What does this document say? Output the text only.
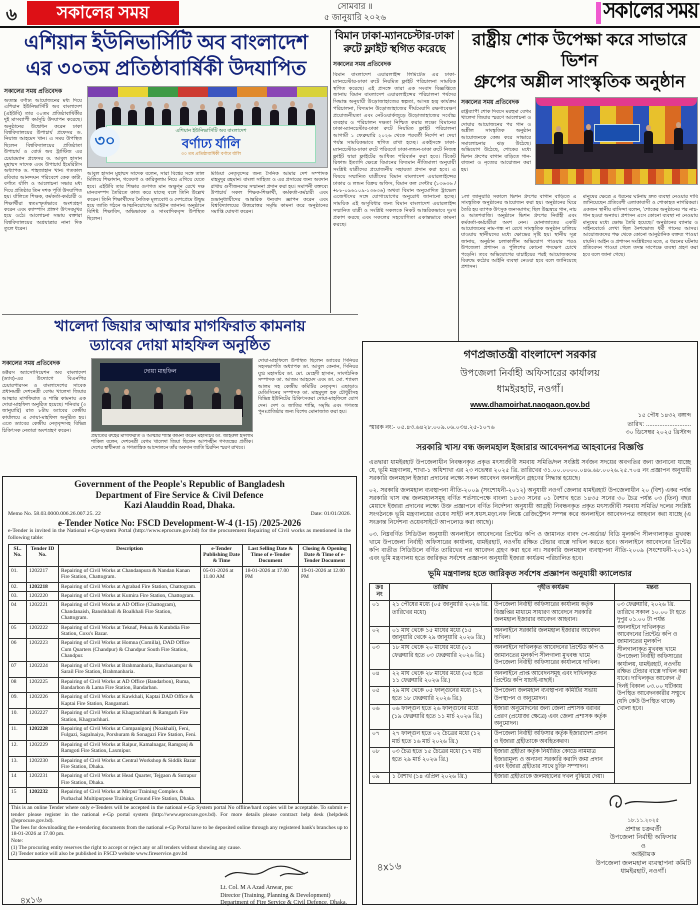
৬	সকালের সময়	সোমবার ॥
৫ জানুয়ারি ২০২৬	সকালের সময়
এশিয়ান ইউনিভার্সিটি অব বাংলাদেশ
এর ৩০তম প্রতিষ্ঠাবার্ষিকী উদযাপিত
সকালের সময় প্রতিবেদক
অত্যন্ত বর্ণাঢ্য আয়োজনের মধ্য দিয়ে এশিয়ান ইউনিভার্সিটি অব বাংলাদেশ (এইউবি) তার ৩০তম প্রতিষ্ঠাবার্ষিকীর দুই মাসব্যাপী কর্মসূচি উদযাপন করেছে। অনুষ্ঠানের উদ্বোধন করেন ঢাকা বিশ্ববিদ্যালয়ের উপাচার্য প্রফেসর ড. নিয়াজ আহমেদ খান। এ সময় উপস্থিত ছিলেন বিশ্ববিদ্যালয়ের প্রতিষ্ঠাতা উপাচার্য ও বোর্ড অব ট্রাস্টিজ এর চেয়ারম্যান প্রফেসর ড. আবুল হাসান মুহাম্মদ সাদেক এবং উপাচার্য ইমেরিটাস অধ্যাপক ড. শাহজাহান খান। গতকাল রবিবার আনন্দঘন পরিবেশে কেক কাটা, বর্ণাঢ্য র্যালি ও আলোচনা সভার মধ্য দিয়ে প্রতিষ্ঠার তিন দশক পূর্তি উদযাপিত হয়। র্যালিতে শিক্ষক, কর্মকর্তা-কর্মচারী ও শিক্ষার্থীরা স্বতঃস্ফূর্তভাবে অংশগ্রহণ করেন এবং ক্যাম্পাস প্রাঙ্গণ উৎসবমুখর হয়ে ওঠে। আলোচনা সভায় বক্তারা বিশ্ববিদ্যালয়ের অগ্রযাত্রার নানা দিক তুলে ধরেন।
এশিয়ান ইউনিভার্সিটি অব বাংলাদেশ
বর্ণাঢ্য র্যালি
৩০ তম প্রতিষ্ঠাবার্ষিকী বর্ণাঢ্য র্যালি
৩০

আবুল হাসান মুহাম্মদ সাদেক বলেন, সারা বিশ্বের সঙ্গে তাল মিলিয়ে শিক্ষাদান, গবেষণা ও কারিকুলাম নিয়ে এগিয়ে যেতে হবে। এইউবি তার শিক্ষার গুণগত মান অক্ষুণ্ন রেখে দক্ষ মানবসম্পদ তৈরিতে কাজ করে যাচ্ছে বলে তিনি উল্লেখ করেন। তিনি শিক্ষার্থীদের নৈতিক মূল্যবোধ ও দেশপ্রেমে উদ্বুদ্ধ হয়ে জাতি গঠনে আত্মনিয়োগের আহ্বান জানান। অনুষ্ঠানে বিশিষ্ট শিক্ষাবিদ, অভিভাবক ও সাংবাদিকবৃন্দ উপস্থিত ছিলেন।

মিডিয়া নেতৃবৃন্দের জন্য সৈনিক আমার দেশ সম্পাদক মাহমুদুর রহমান। বাংলা সাহিত্য ও এর প্রসারের জন্য অবদান রাখায় গুণীজনদের সম্মাননা প্রদান করা হয়। সমাপনী বক্তব্যে উপাচার্য সকল শিক্ষক-শিক্ষার্থী, কর্মকর্তা-কর্মচারী এবং শুভানুধ্যায়ীদের আন্তরিক ধন্যবাদ জ্ঞাপন করেন এবং বিশ্ববিদ্যালয়ের উত্তরোত্তর সমৃদ্ধি কামনা করে অনুষ্ঠানের সমাপ্তি ঘোষণা করেন।

বিমান ঢাকা-ম্যানচেস্টার-ঢাকা রুটে ফ্লাইট স্থগিত করেছে
সকালের সময় প্রতিবেদক
বিমান বাংলাদেশ এয়ারলাইন্স লিমিটেড এর ঢাকা-ম্যানচেস্টার-ঢাকা রুটে নিয়মিত ফ্লাইট পরিচালনা সাময়িক স্থগিত করেছে। এই প্রসঙ্গে তারা এক সংবাদ বিজ্ঞপ্তিতে জানায় বিমান বাংলাদেশ এয়ারলাইন্সের পরিচালনা পর্ষদের সিদ্ধান্ত অনুযায়ী উড়োজাহাজের স্বল্পতা, আসন্ন হজ্ব কার্যক্রম পরিচালনা, বিদ্যমান উড়োজাহাজের দীর্ঘমেয়াদি রক্ষণাবেক্ষণ প্রয়োজনীয়তা এবং নেটওয়ার্কজুড়ে উড়োজাহাজের সর্বোচ্চ ব্যবহার ও পরিচালন দক্ষতা নিশ্চিত করার লক্ষ্যে বিমানের ঢাকা-ম্যানচেস্টার-ঢাকা রুটে নিয়মিত ফ্লাইট পরিচালনা আগামী ১ ফেব্রুয়ারি ২০২৬ থেকে পরবর্তী নির্দেশ না দেয়া পর্যন্ত সাময়িকভাবে স্থগিত রাখা হচ্ছে। একইসঙ্গে ঢাকা-ম্যানচেস্টার-ঢাকা রুটে পরিবর্তে ঢাকা-লন্ডন-ঢাকা রুটে নিজস্ব ফ্লাইট দ্বারা ফ্লাইটের আধিক্য পরিবর্তন করা হবে। টিকেট রিফান্ড ইত্যাদি ক্ষেত্রে বিমানের বিদ্যমান নীতিমালা অনুযায়ী সংশ্লিষ্ট যাত্রীদের প্রয়োজনীয় সহায়তা প্রদান করা হবে। এ বিষয়ে সম্মানিত যাত্রীদের বিমান বাংলাদেশ এয়ারলাইন্সের ঢাকার ও লন্ডন বিক্রয় অফিস, বিমান কল সেন্টার (১৩৬৩৬ / +৮৮-০৯৬১০৯-১৩৬৩৬) অথবা বিমান অনুমোদিত ট্রাভেল এজেন্টদের সঙ্গে যোগাযোগের অনুরোধ জানানো হচ্ছে। সাময়িক এই অসুবিধার জন্য বিমান বাংলাদেশ এয়ারলাইন্স সম্মানিত যাত্রী ও সংশ্লিষ্ট সকলকে নিকট আন্তরিকভাবে দুঃখ প্রকাশ করছে এবং সকলের সহযোগিতা একান্তভাবে কামনা করছে।
রাষ্ট্রীয় শোক উপেক্ষা করে সাভারে ভিশন
গ্রুপের অশ্লীল সাংস্কৃতিক অনুষ্ঠান
সকালের সময় প্রতিবেদক
রাষ্ট্রব্যাপী শোক দিবসে মরহুমা বেগম খালেদা জিয়ার স্মরণে আলোচনা ও দোয়ার আয়োজনের পর গান ও অশ্লীল সাংস্কৃতিক অনুষ্ঠান আয়োজনকে কেন্দ্র করে সাভারে সমালোচনার ঝড় উঠেছে। অভিযোগ উঠেছে, শোকের মধ্যে ভিশন গ্রুপের বাগান বাড়িতে গান-বাজনা ও নৃত্যের আয়োজন করা হয়।

১লা জানুয়ারি সকালে ভিশন গ্রুপের বাগান বাড়িতে এ সাংস্কৃতিক অনুষ্ঠানের আয়োজন করা হয়। অনুষ্ঠানের ঘিরে তৈরি হয় ব্যাপক উৎসুক জনসমাগম; ছিল উচ্চস্বরে গান, নাচ ও আতশবাজি। অনুষ্ঠানে ভিশন গ্রুপের নির্বাহী এবং কর্মকর্তা-কর্মচারীরা অংশ নেন। মোনাজাতের একটি আয়োজনের নাম-গন্ধ না রেখে সাংস্কৃতিক অনুষ্ঠান চালিয়ে যাওয়ায় স্থানীয়দের মধ্যে ক্ষোভের সৃষ্টি হয়। স্থানীয় সূত্র জানায়, অনুষ্ঠান চলাকালীন অভিযোগ পাওয়ার পরও উপজেলা প্রশাসন ও পুলিশের কোনো পদক্ষেপ চোখে পড়েনি। তবে অভিযোগের যাচাইয়ের পরই আয়োজকদের বিরুদ্ধে কঠোর আইনি ব্যবস্থা নেওয়া হবে বলে জানিয়েছে প্রশাসন।

মানুষের ক্ষেত্রে এ ধরনের ঘটনায় দ্রুত ব্যবস্থা নেওয়ার দাবি জানিয়েছেন প্রতিবেশী এলাকাবাসী ও শোকাহত নাগরিকরা। একজন স্থানীয় বাসিন্দা বলেন, 'শোকের অনুষ্ঠানের পর নাচ-গান হওয়া অন্যায়। প্রশাসন এসে কোনো ব্যবস্থা না নেওয়ায় মানুষের মধ্যে ক্ষোভ তৈরি হয়েছে।' অনুষ্ঠানের ব্যানার ও সাইনবোর্ডে লেখা ছিল নৈশভোজ ধর্মী গানের আসর। আয়োজকদের পক্ষ থেকে কোনো আনুষ্ঠানিক বক্তব্য পাওয়া যায়নি। আইন ও প্রশাসন সংশ্লিষ্টদের মতে, এ ধরনের ঘটনায় প্রতিবেদন পাওয়া গেলে তদন্ত সাপেক্ষে ব্যবস্থা গ্রহণ করা হবে বলে জানা গেছে।

খালেদা জিয়ার আত্মার মাগফিরাত কামনায়
ড্যাবের দোয়া মাহফিল অনুষ্ঠিত
সকালের সময় প্রতিবেদক
ডক্টরস অ্যাসোসিয়েশন অব বাংলাদেশ (ড্যাব)-এর উদ্যোগে বিএনপির চেয়ারপারসন ও বাংলাদেশের সাবেক প্রধানমন্ত্রী দেশনেত্রী বেগম খালেদা জিয়ার আত্মার মাগফিরাত ও শান্তি কামনায় এক দোয়া-মাহফিল অনুষ্ঠিত হয়েছে। শনিবার (৩ জানুয়ারি) রাত ৮টায় ড্যাবের কেন্দ্রীয় কার্যালয়ে এ দোয়া-মাহফিল অনুষ্ঠিত হয়। এতে ড্যাবের কেন্দ্রীয় নেতৃবৃন্দসহ বিভিন্ন চিকিৎসক নেতারা অংশগ্রহণ করেন।
দোয়া মাহফিল
প্রয়াতের রুহের মাগফিরাত ও আত্মার শান্তি কামনা করেন মহাসচিব ডা. জহিরুল ইসলাম শাকিল বলেন, দেশনেত্রী বেগম খালেদা জিয়া ছিলেন আপসহীন গণতন্ত্রের প্রতীক। দেশের স্বাধীনতা ও গণতান্ত্রিক আন্দোলনে তাঁর অবদান জাতি চিরদিন স্মরণ রাখবে।
দোয়া-মাহফিলে উপস্থিত ছিলেন ড্যাবের সিনিয়র সহসভাপতি অধ্যাপক ডা. আবুল কেনান, সিনিয়র যুগ্ম মহাসচিব ডা. মো. মেহেদী হাসান, সাংগঠনিক সম্পাদক ডা. আজম আহমেদ এবং ডা. মো. শ্যামল আলম সহ কেন্দ্রীয় কমিটির নেতৃবৃন্দ। এছাড়াও মেডিসিনের সম্পাদক ডা. মাহমুদুল হক চৌধুরীসহ বিভিন্ন ইউনিটের চিকিৎসকরা দোয়া-মাহফিলে যোগ দেন। দেশ ও জাতির শান্তি, সমৃদ্ধি এবং গণতন্ত্র পুনঃপ্রতিষ্ঠার জন্য বিশেষ মোনাজাত করা হয়।
Government of the People's Republic of Bangladesh
Department of Fire Service & Civil Defence
Kazi Alauddin Road, Dhaka.
Memo No. 58.03.0000.006.26.007.25. 22	Date: 01/01/2026.
e-Tender Notice No: FSCD Development-W-4 (1-15) /2025-2026
e-Tender is invited in the National e-Gp-system Portal (http://www.eprocure.gov.bd) for the procurement Repairing of Civil works as mentioned in the following table:
SL. No.	Tender ID No.	Description	e-Tender Publishing Date & Time	Last Selling Date & Time of e-Tender Document	Closing & Opening Date & Time of e- Tender Document
01.	1202217	Repairing of Civil Works at Chandanpura & Nandan Kanan Fire Station, Chattogram.	05-01-2026 at 11.00 AM	18-01-2026 at 17.00 PM	19-01-2026 at 12.00 PM
02.	1202218	Repairing of Civil Works at Agrabad Fire Station, Chattogram.			
03.	1202220	Repairing of Civil Works at Kumira Fire Station, Chattogram.			
04	1202221	Repairing of Civil Works at AD Office (Chattogram), Chandanaish, Banshkhali & Boalkhali Fire Station, Chattogram.			
05	1202222	Repairing of Civil Works at Teknaf, Pekua & Kutubdia Fire Station, Coxs's Bazar.			
06	1202223	Repairing of Civil Works at Homna (Comilla), DAD Office Cum Quarters (Chandpur) & Chandpur South Fire Station, Chandpur.			
07	1202224	Repairing of Civil Works at Brahmanbaria, Banchasampur & Sarail Fire Station, Brahmanbaria.			
08	1202225	Repairing of Civil Works at AD Office (Bandarbon), Ruma, Bandarbon & Lama Fire Station, Bandarban.			
09.	1202226	Repairing of Civil Works at Kawkhali, Kaptai DAD Office & Kaptai Fire Station, Rangamati.			
10.	1202227	Repairing of Civil Works at Khagrachhari & Ramgarh Fire Station, Khagrachhari.			
11.	1202228	Repairing of Civil Works at Companigonj (Noakhali), Feni, Fulgazi, Sagalnaiya, Porshuram & Sonagazi Fire Station, Feni.			
12.	1202229	Repairing of Civil Works at Raipur, Kamalnagar, Ramgonj & Ramgoti Fire Station, Laxmipur.			
13.	1202230	Repairing of Civil Works at Central Workshop & Siddik Bazar Fire Station, Dhaka.			
14	1202231	Repairing of Civil Works at Head Quarter, Tejgaon & Sutrapur Fire Station, Dhaka.			
15	1202232	Repairing of Civil Works at Mirpur Training Complex & Purbachal Multipurpose Training Ground Fire Station, Dhaka.			
This is an online Tender where only e-Tenders will be accepted in the national e-Gp System portal No offline/hard copies will be acceptable. To submit e-tender please register in the national e-Gp portal system (http://www.eprocure.gov.bd). For more details please contract help desk (helpdesk @eprocure.gov.bd).
The fees for downloading the e-tendering documents from the national e-Gp Portal have to be deposited online through any registered bank's branches up to 18-01-2026 at 17.00 pm.
Note:
(1) The procuring entity reserves the right to accept or reject any or all tenders without showing any cause.
(2) Tender notice will also be published in FSCD website www.fireservice.gov.bd
৪x১৬
Lt. Col. M A Azad Anwar, psc
Director (Training, Planning & Development)
Department of Fire Service & Civil Defence, Dhaka.
গণপ্রজাতন্ত্রী বাংলাদেশ সরকার
উপজেলা নির্বাহী অফিসারের কার্যালয়
ধামইরহাট, নওগাঁ।
www.dhamoirhat.naogaon.gov.bd
১৫ পৌষ ১৪৩২ বঙ্গাব্দ
তারিখ: ...........................
৩০ ডিসেম্বর ২০২৫ খ্রিস্টাব্দ
স্মারক নং:- ০৫.৪৩.৬৪২৮.০০৯.০৬.০৩৪.২৫-১০৭৬
সরকারি খাস/ বন্ধ জলমহাল ইজারার আবেদনপত্র আহবানের বিজ্ঞপ্তি
এতদ্বারা ধামইরহাট উপজেলাধীন নিবন্ধনকৃত প্রকৃত মৎস্যজীবী সমবায় সমিতি/দল সংশ্লিষ্ট সর্বজন সদয়ের অবগতির জন্য জানানো যাচ্ছে যে, ভূমি মন্ত্রণালয়, শাখা-১ অধিশাখা এর ২৩ নভেম্বর ২০২৫ খ্রি. তারিখের ৩১.০০.০০০০.০৪৬.৬৮.০০২৬.২৫.৭০৪ নং প্রজ্ঞাপন অনুযায়ী সরকারি জলমহাল ইজারা প্রদানের লক্ষ্যে সকল আবেদন অনলাইনে গ্রহণের সিদ্ধান্ত হয়েছে।
০২. সরকারি জলমহাল ব্যবস্থাপনা নীতি-২০০৯ (সংশোধনী-২০১২) অনুযায়ী নওগাঁ জেলার ধামইরহাট উপজেলাধীন ২০ (বিশ) একর পর্যন্ত সরকারি খাস বদ্ধ জলমহালসমূহ বর্ণিত শর্তসাপেক্ষে বাংলা ১৪৩৩ সনের ০১ বৈশাখ হতে ১৪৩৫ সনের ৩০ চৈত্র পর্যন্ত ০৩ (তিন) বছর মেয়াদে ইজারা প্রদানের লক্ষ্যে উক্ত প্রজ্ঞাপনে বর্ণিত নির্দেশনা অনুযায়ী আগ্রহী নিবন্ধনকৃত প্রকৃত মৎস্যজীবী সমবায় সমিতি/ দলের সংশ্লিষ্ট সংগঠনকে ভূমি মন্ত্রণালয়ের ওয়েব সাইট লস.ষধস.মড়া.নফ লিঙ্কে রেজিস্ট্রেশন সম্পন্ন করে অনলাইনে আবেদনপত্র আহবান করা যাচ্ছে (এ সংক্রান্ত নির্দেশনা ওয়েবসাইটে আপলোড করা আছে)।
০৩. নিম্নবর্ণিত সিডিউল অনুযায়ী অনলাইনে আবেদনের প্রিন্টেড কপি ও জামানত বাবদ পে-অর্ডার/ বিডি মূলকপি সীলগালাকৃত মুখবন্ধ খামে উপজেলা নির্বাহী অফিসারের কার্যালয়, ধামইরহাট, নওগাঁয় রক্ষিত টেন্ডার বাক্সে দাখিল করতে হবে। অনলাইনে আবেদনের প্রিন্টেড কপি ব্যতীত সিডিউলে বর্ণিত তারিখের পর আবেদন গ্রহণ করা হবে না। সরকারি জলমহাল ব্যবস্থাপনা নীতি-২০০৯ (সংশোধনী-২০১২) এবং ভূমি মন্ত্রণালয় হতে জারিকৃত সর্বশেষ প্রজ্ঞাপন অনুযায়ী ইজারা কার্যক্রম পরিচালিত হবে।
ভূমি মন্ত্রণালয় হতে জারিকৃত সর্বশেষ প্রজ্ঞাপন অনুযায়ী ক্যালেন্ডার
ক্রঃ নং	তারিখ	গৃহীত কার্যক্রম	মন্তব্য
০১	২১ পৌষের মধ্যে (০৫ জানুয়ারি ২০২৬ খ্রি. তারিখের মধ্যে)	উপজেলা নির্বাহী অফিসারের কার্যালয় কর্তৃক বিজ্ঞপ্তির মাধ্যমে সাধারণ আবেদনে সরকারি জলমহাল ইজারার আবেদন আহবান।	০৩ ফেব্রুয়ারি, ২০২৬ খ্রি. তারিখে সকাল ১০.০০ টা হতে দুপুর ০১.০০ টা পর্যন্ত অনলাইনে দাখিলকৃত আবেদনের প্রিন্টেড কপি ও জামানতের মূলকপি সীলগালাকৃত মুখবন্ধ খামে উপজেলা নির্বাহী অফিসারের কার্যালয়, ধামইরহাট, নওগাঁয় রক্ষিত টেন্ডার বাক্সে দাখিল করা যাবে। দাখিলকৃত আবেদন ঐ দিনই বিকাল ০৩.০০ ঘটিকায় উপস্থিত আবেদনকারীর সম্মুখে (যদি কেউ উপস্থিত থাকে) খোলা হবে।
০২	০১ মাঘ থেকে ১৫ মাঘের মধ্যে (১৫ জানুয়ারি থেকে ২৯ জানুয়ারি ২০২৬ খ্রি.)	অনলাইনে সরকারি জলমহাল ইজারার আবেদন দাখিল।	
০৩	১৮ মাঘ থেকে ২০ মাঘের মধ্যে (০১ ফেব্রুয়ারি হতে ০৩ ফেব্রুয়ারি ২০২৬ খ্রি.)	অনলাইনে দাখিলকৃত আবেদনের প্রিন্টেড কপি ও জামানতের মূলকপি সীলগালা মুখবন্ধ খামে উপজেলা নির্বাহী অফিসারের কার্যালয়ে দাখিল।	
০৪	২২ মাঘ থেকে ২৮ মাঘের মধ্যে (০৫ হতে ১১ ফেব্রুয়ারি ২০২৬ খ্রি.)	অনলাইনে প্রাপ্ত আবেদনসমূহ এবং দাখিলকৃত প্রিন্টেড কপি যাচাই-বাছাই।	
০৫	২৯ মাঘ থেকে ০৫ ফাল্গুনের মধ্যে (১২ হতে ১৮ ফেব্রুয়ারি ২০২৬ খ্রি.)	উপজেলা জলমহাল ব্যবস্থাপনা কমিটির সভায় উপস্থাপন ও অনুমোদন।	
০৬	০৬ ফাল্গুন হতে ২৬ ফাল্গুনের মধ্যে (১৯ ফেব্রুয়ারি হতে ১১ মার্চ ২০২৬ খ্রি.)	ইজারা অনুমোদনের জন্য জেলা প্রশাসক বরাবর প্রেরণ (প্রযোজ্য ক্ষেত্রে) এবং জেলা প্রশাসক কর্তৃক অনুমোদন।	
০৭	২৭ ফাল্গুন হতে ০২ চৈত্রের মধ্যে (১২ মার্চ হতে ১৬ মার্চ ২০২৬ খ্রি.)	উপজেলা নির্বাহী অফিসার কর্তৃক ইজারাদেশ প্রদান ও ইজারা গ্রহীতাকে অবহিতকরণ।	
০৮	০৩ চৈত্র হতে ১৫ চৈত্রের মধ্যে (১৭ মার্চ হতে ২৯ মার্চ ২০২৬ খ্রি.)	ইজারা গ্রহীতা কর্তৃক নির্ধারিত কোডে নামমাত্র ইজারামূল্য ও অন্যান্য সরকারি করাদি জমা প্রদান এবং ইজারা গ্রহীতার সাথে চুক্তি সম্পাদন।	
০৯	১ বৈশাখ (১৪ এপ্রিল ২০২৬ খ্রি.)	ইজারা গ্রহীতাকে জলমহালের দখল বুঝিয়ে দেয়া।	
৪x১৬
১৮.১১.২০২৫
প্রশান্ত চক্রবর্তী
উপজেলা নির্বাহী অফিসার
ও
আহ্বায়ক
উপজেলা জলমহাল ব্যবস্থাপনা কমিটি
ধামইরহাট, নওগাঁ।
